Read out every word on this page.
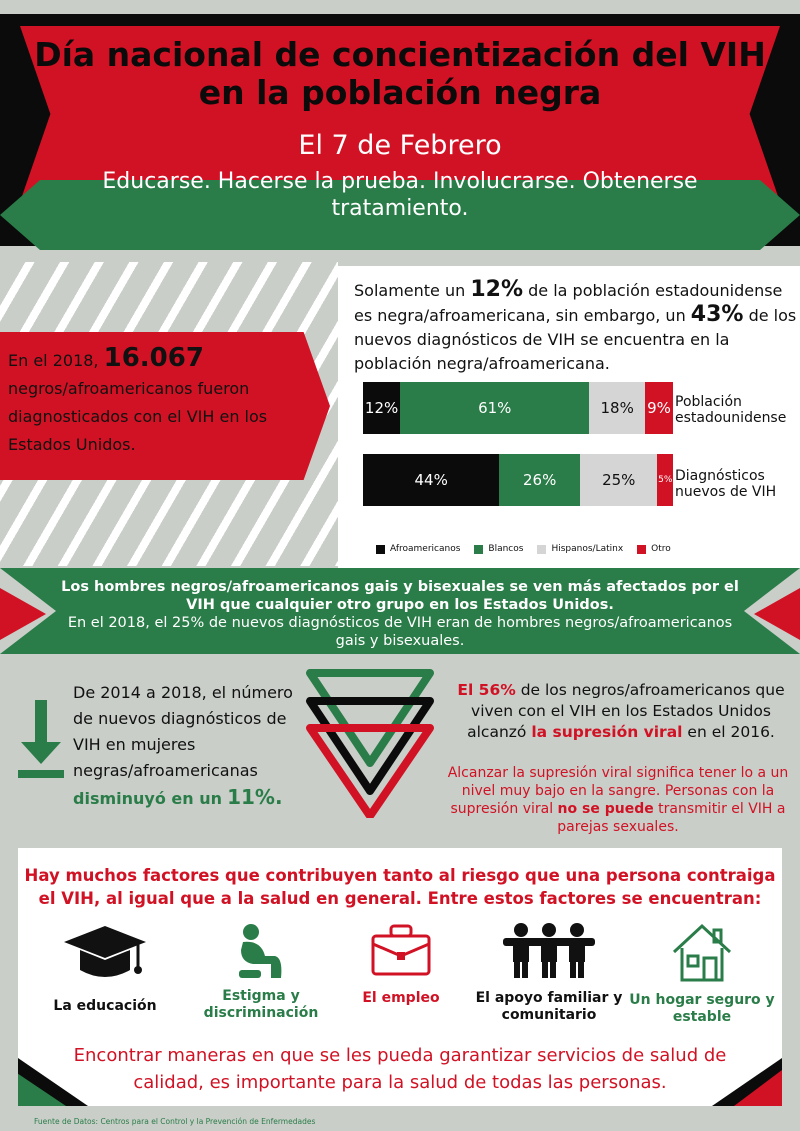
Día nacional de concientización del VIH en la población negra
El 7 de Febrero
Educarse. Hacerse la prueba. Involucrarse. Obtenerse tratamiento.
En el 2018, 16.067 negros/afroamericanos fueron diagnosticados con el VIH en los Estados Unidos.
Solamente un 12% de la población estadounidense es negra/afroamericana, sin embargo, un 43% de los nuevos diagnósticos de VIH se encuentra en la población negra/afroamericana.
12%	61%	18% 9% Población estadounidense
44%	26%	25%	5% Diagnósticos nuevos de VIH
Afroamericanos	Blancos	Hispanos/Latinx	Otro
Los hombres negros/afroamericanos gais y bisexuales se ven más afectados por el VIH que cualquier otro grupo en los Estados Unidos.
En el 2018, el 25% de nuevos diagnósticos de VIH eran de hombres negros/afroamericanos gais y bisexuales.
De 2014 a 2018, el número de nuevos diagnósticos de VIH en mujeres negras/afroamericanas disminuyó en un 11%.
El 56% de los negros/afroamericanos que viven con el VIH en los Estados Unidos alcanzó la supresión viral en el 2016.
Alcanzar la supresión viral significa tener lo a un nivel muy bajo en la sangre. Personas con la supresión viral no se puede transmitir el VIH a parejas sexuales.
Hay muchos factores que contribuyen tanto al riesgo que una persona contraiga el VIH, al igual que a la salud en general. Entre estos factores se encuentran:
La educación
Estigma y discriminación
El empleo	El apoyo familiar y comunitario
Un hogar seguro y estable
Encontrar maneras en que se les pueda garantizar servicios de salud de calidad, es importante para la salud de todas las personas.
Fuente de Datos: Centros para el Control y la Prevención de Enfermedades
